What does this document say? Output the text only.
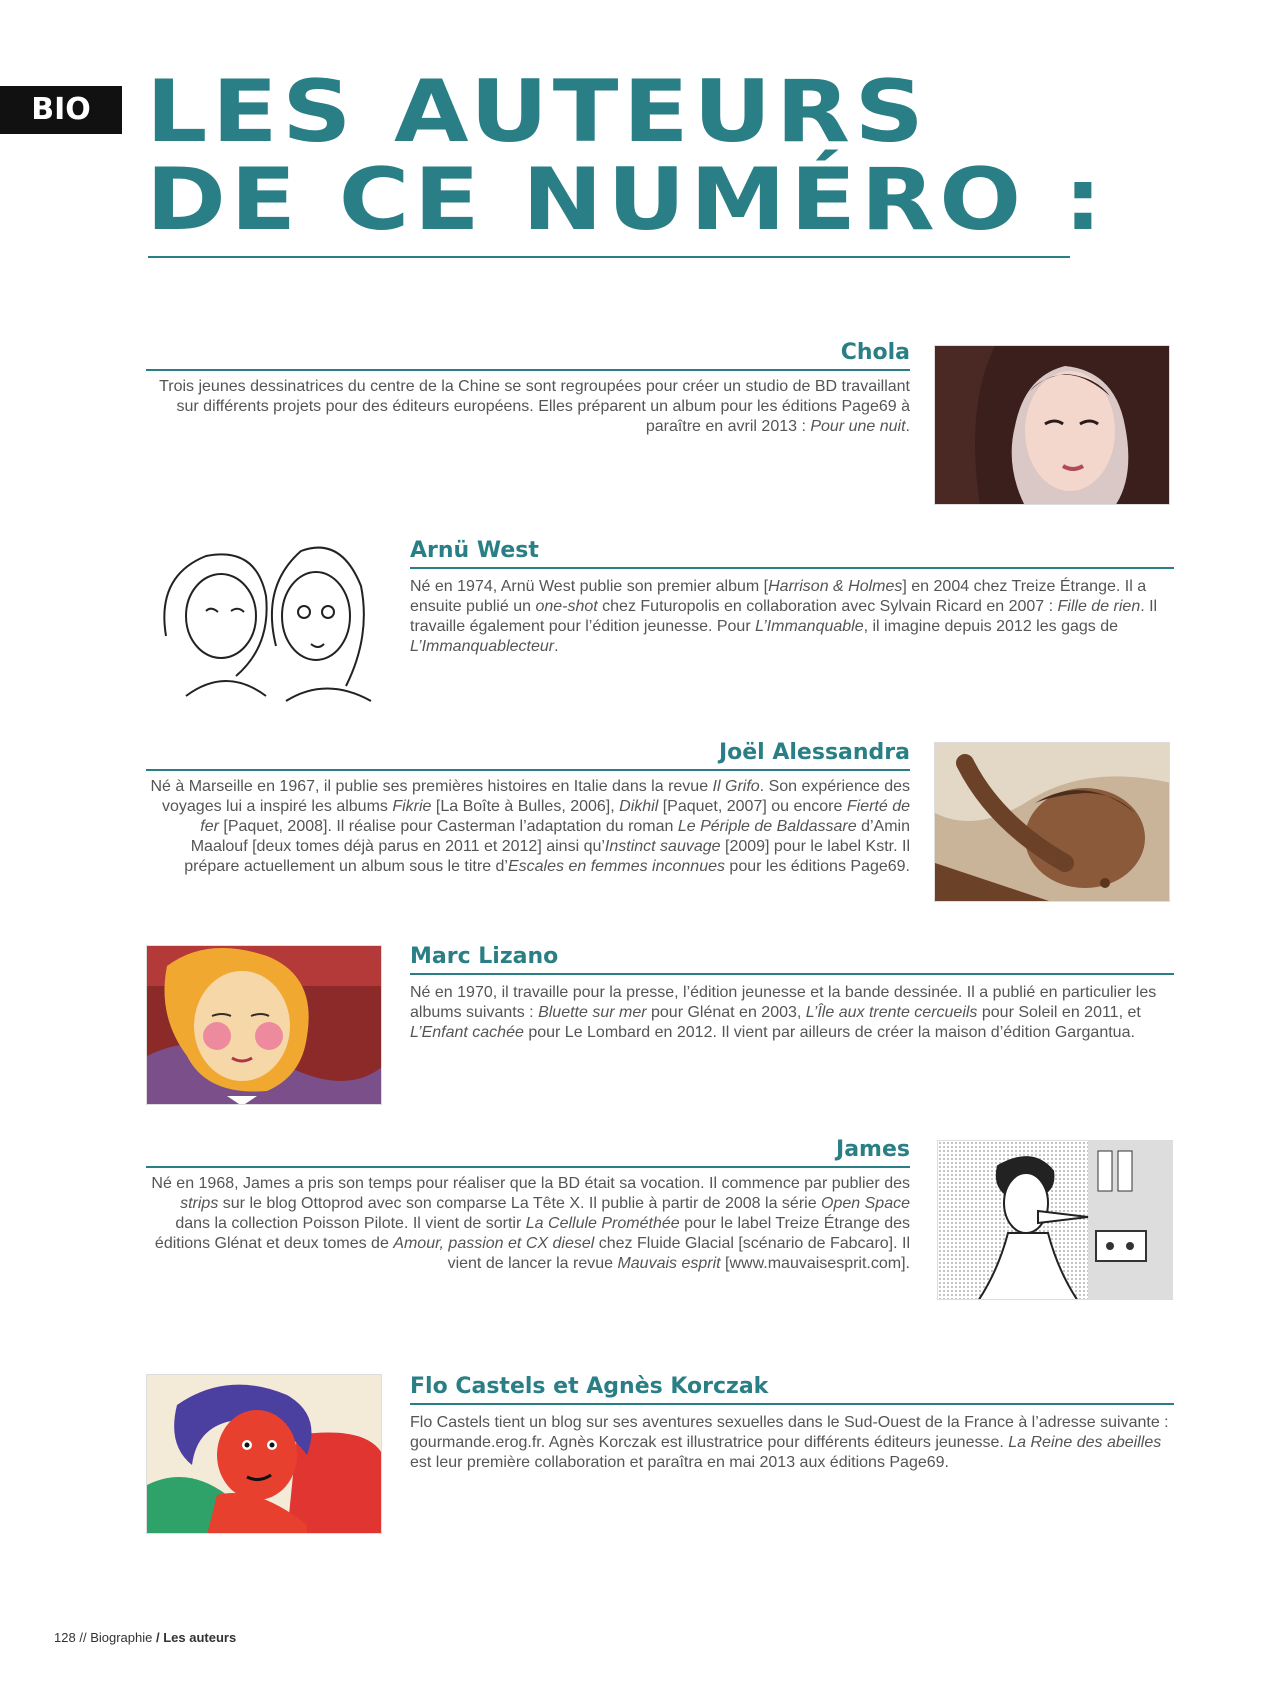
BIO LES AUTEURS
DE CE NUMÉRO :
Chola
Trois jeunes dessinatrices du centre de la Chine se sont regroupées pour créer un studio de BD travaillant sur différents projets pour des éditeurs européens. Elles préparent un album pour les éditions Page69 à paraître en avril 2013 : Pour une nuit.
Arnü West
Né en 1974, Arnü West publie son premier album [Harrison & Holmes] en 2004 chez Treize Étrange. Il a ensuite publié un one-shot chez Futuropolis en collaboration avec Sylvain Ricard en 2007 : Fille de rien. Il travaille également pour l’édition jeunesse. Pour L’Immanquable, il imagine depuis 2012 les gags de L’Immanquablecteur.
Joël Alessandra
Né à Marseille en 1967, il publie ses premières histoires en Italie dans la revue Il Grifo. Son expérience des voyages lui a inspiré les albums Fikrie [La Boîte à Bulles, 2006], Dikhil [Paquet, 2007] ou encore Fierté de fer [Paquet, 2008]. Il réalise pour Casterman l’adaptation du roman Le Périple de Baldassare d’Amin Maalouf [deux tomes déjà parus en 2011 et 2012] ainsi qu’Instinct sauvage [2009] pour le label Kstr. Il prépare actuellement un album sous le titre d’Escales en femmes inconnues pour les éditions Page69.
Marc Lizano
Né en 1970, il travaille pour la presse, l’édition jeunesse et la bande dessinée. Il a publié en particulier les albums suivants : Bluette sur mer pour Glénat en 2003, L’Île aux trente cercueils pour Soleil en 2011, et L’Enfant cachée pour Le Lombard en 2012. Il vient par ailleurs de créer la maison d’édition Gargantua.
James
Né en 1968, James a pris son temps pour réaliser que la BD était sa vocation. Il commence par publier des strips sur le blog Ottoprod avec son comparse La Tête X. Il publie à partir de 2008 la série Open Space dans la collection Poisson Pilote. Il vient de sortir La Cellule Prométhée pour le label Treize Étrange des éditions Glénat et deux tomes de Amour, passion et CX diesel chez Fluide Glacial [scénario de Fabcaro]. Il vient de lancer la revue Mauvais esprit [www.mauvaisesprit.com].
Flo Castels et Agnès Korczak
Flo Castels tient un blog sur ses aventures sexuelles dans le Sud-Ouest de la France à l’adresse suivante : gourmande.erog.fr. Agnès Korczak est illustratrice pour différents éditeurs jeunesse. La Reine des abeilles est leur première collaboration et paraîtra en mai 2013 aux éditions Page69.
128 // Biographie / Les auteurs
